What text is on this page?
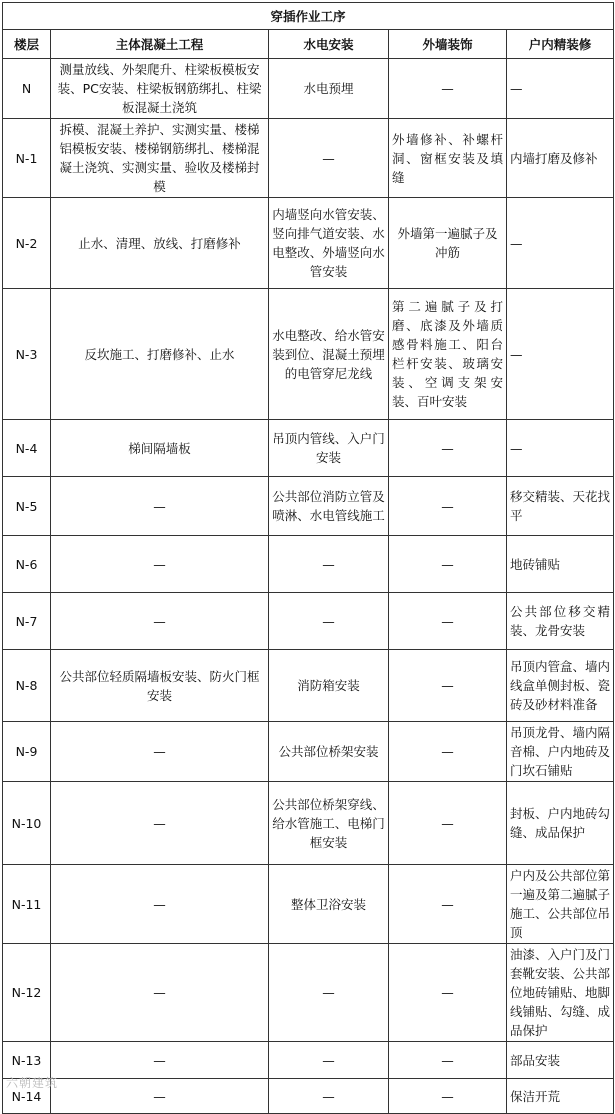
穿插作业工序				
楼层	主体混凝土工程	水电安装	外墙装饰	户内精装修
N	测量放线、外架爬升、柱梁板模板安装、PC安装、柱梁板钢筋绑扎、柱梁板混凝土浇筑	水电预埋	—	—
N-1	拆模、混凝土养护、实测实量、楼梯铝模板安装、楼梯钢筋绑扎、楼梯混凝土浇筑、实测实量、验收及楼梯封模	—	外墙修补、补螺杆洞、窗框安装及填缝	内墙打磨及修补
N-2	止水、清理、放线、打磨修补	内墙竖向水管安装、竖向排气道安装、水电整改、外墙竖向水管安装	外墙第一遍腻子及冲筋	—
N-3	反坎施工、打磨修补、止水	水电整改、给水管安装到位、混凝土预埋的电管穿尼龙线	第二遍腻子及打磨、底漆及外墙质感骨料施工、阳台栏杆安装、玻璃安装、空调支架安装、百叶安装	—
N-4	梯间隔墙板	吊顶内管线、入户门安装	—	—
N-5	—	公共部位消防立管及喷淋、水电管线施工	—	移交精装、天花找平
N-6	—	—	—	地砖铺贴
N-7	—	—	—	公共部位移交精装、龙骨安装
N-8	公共部位轻质隔墙板安装、防火门框安装	消防箱安装	—	吊顶内管盒、墙内线盒单侧封板、瓷砖及砂材料准备
N-9	—	公共部位桥架安装	—	吊顶龙骨、墙内隔音棉、户内地砖及门坎石铺贴
N-10	—	公共部位桥架穿线、给水管施工、电梯门框安装	—	封板、户内地砖勾缝、成品保护
N-11	—	整体卫浴安装	—	户内及公共部位第一遍及第二遍腻子施工、公共部位吊顶
N-12	—	—	—	油漆、入户门及门套靴安装、公共部位地砖铺贴、地脚线铺贴、勾缝、成品保护
N-13	—	—	—	部品安装
N-14	—	—	—	保洁开荒
六朝建筑
